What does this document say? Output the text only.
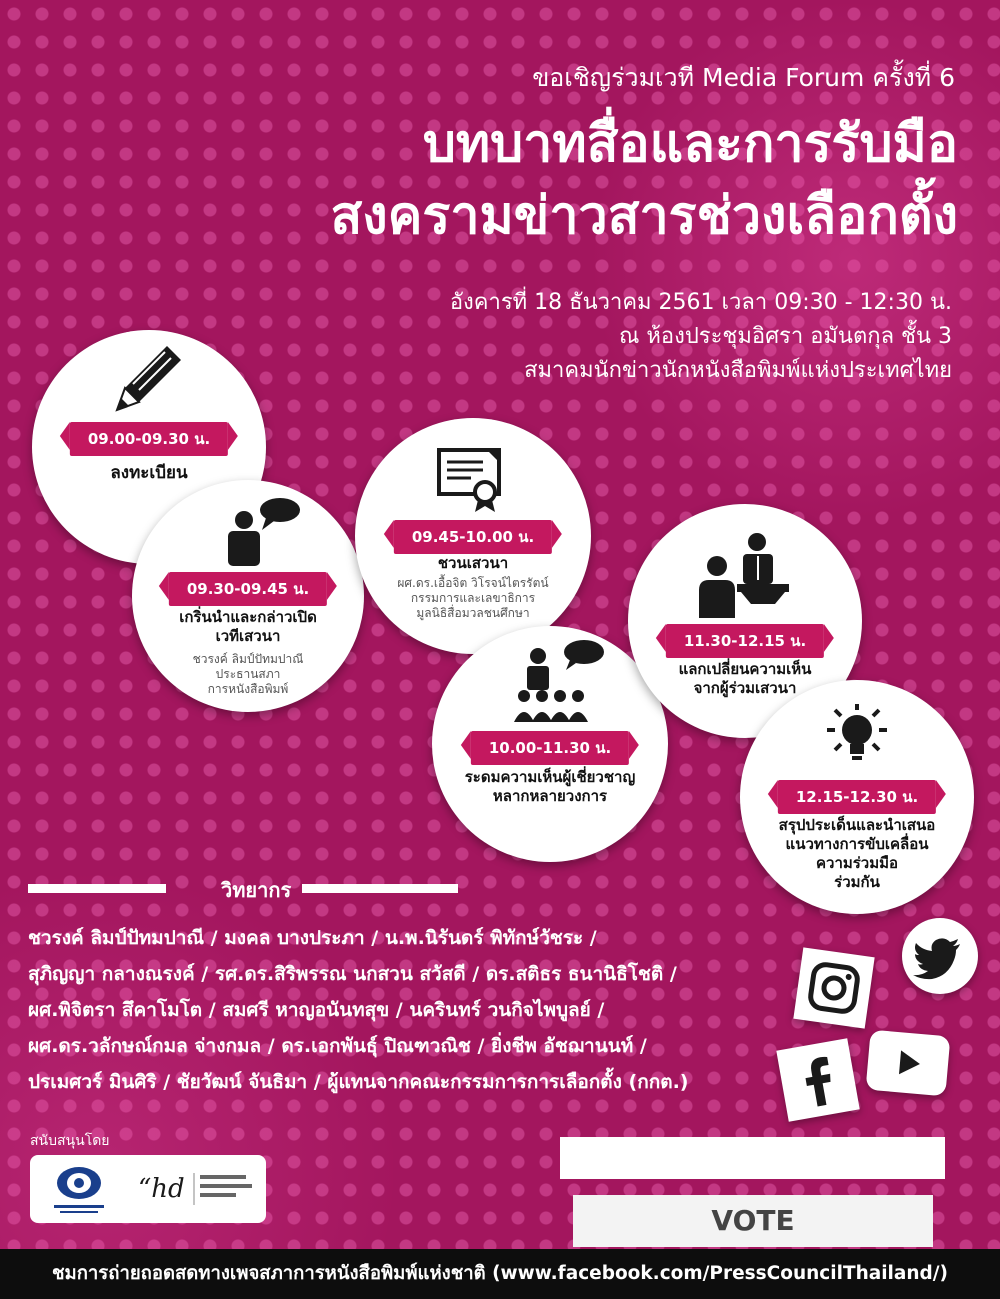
ขอเชิญร่วมเวที Media Forum ครั้งที่ 6
บทบาทสื่อและการรับมือ
สงครามข่าวสารช่วงเลือกตั้ง
อังคารที่ 18 ธันวาคม 2561 เวลา 09:30 - 12:30 น.
ณ ห้องประชุมอิศรา อมันตกุล ชั้น 3
สมาคมนักข่าวนักหนังสือพิมพ์แห่งประเทศไทย
09.00-09.30 น.
ลงทะเบียน
09.30-09.45 น.
เกริ่นนำและกล่าวเปิด
เวทีเสวนา
ชวรงค์ ลิมป์ปัทมปาณี
ประธานสภา
การหนังสือพิมพ์
09.45-10.00 น.
ชวนเสวนา
ผศ.ดร.เอื้อจิต วิโรจน์ไตรรัตน์
กรรมการและเลขาธิการ
มูลนิธิสื่อมวลชนศึกษา
10.00-11.30 น.
ระดมความเห็นผู้เชี่ยวชาญ
หลากหลายวงการ
11.30-12.15 น.
แลกเปลี่ยนความเห็น
จากผู้ร่วมเสวนา
12.15-12.30 น.
สรุปประเด็นและนำเสนอ
แนวทางการขับเคลื่อน
ความร่วมมือ
ร่วมกัน
วิทยากร
ชวรงค์ ลิมป์ปัทมปาณี / มงคล บางประภา / น.พ.นิรันดร์ พิทักษ์วัชระ /
สุภิญญา กลางณรงค์ / รศ.ดร.สิริพรรณ นกสวน สวัสดี / ดร.สติธร ธนานิธิโชติ /
ผศ.พิจิตรา สึคาโมโต / สมศรี หาญอนันทสุข / นครินทร์ วนกิจไพบูลย์ /
ผศ.ดร.วลักษณ์กมล จ่างกมล / ดร.เอกพันธุ์ ปิณฑวณิช / ยิ่งชีพ อัชฌานนท์ /
ปรเมศวร์ มินศิริ / ชัยวัฒน์ จันธิมา / ผู้แทนจากคณะกรรมการการเลือกตั้ง (กกต.)
สนับสนุนโดย
“hd
VOTE
ชมการถ่ายถอดสดทางเพจสภาการหนังสือพิมพ์แห่งชาติ (www.facebook.com/PressCouncilThailand/)
